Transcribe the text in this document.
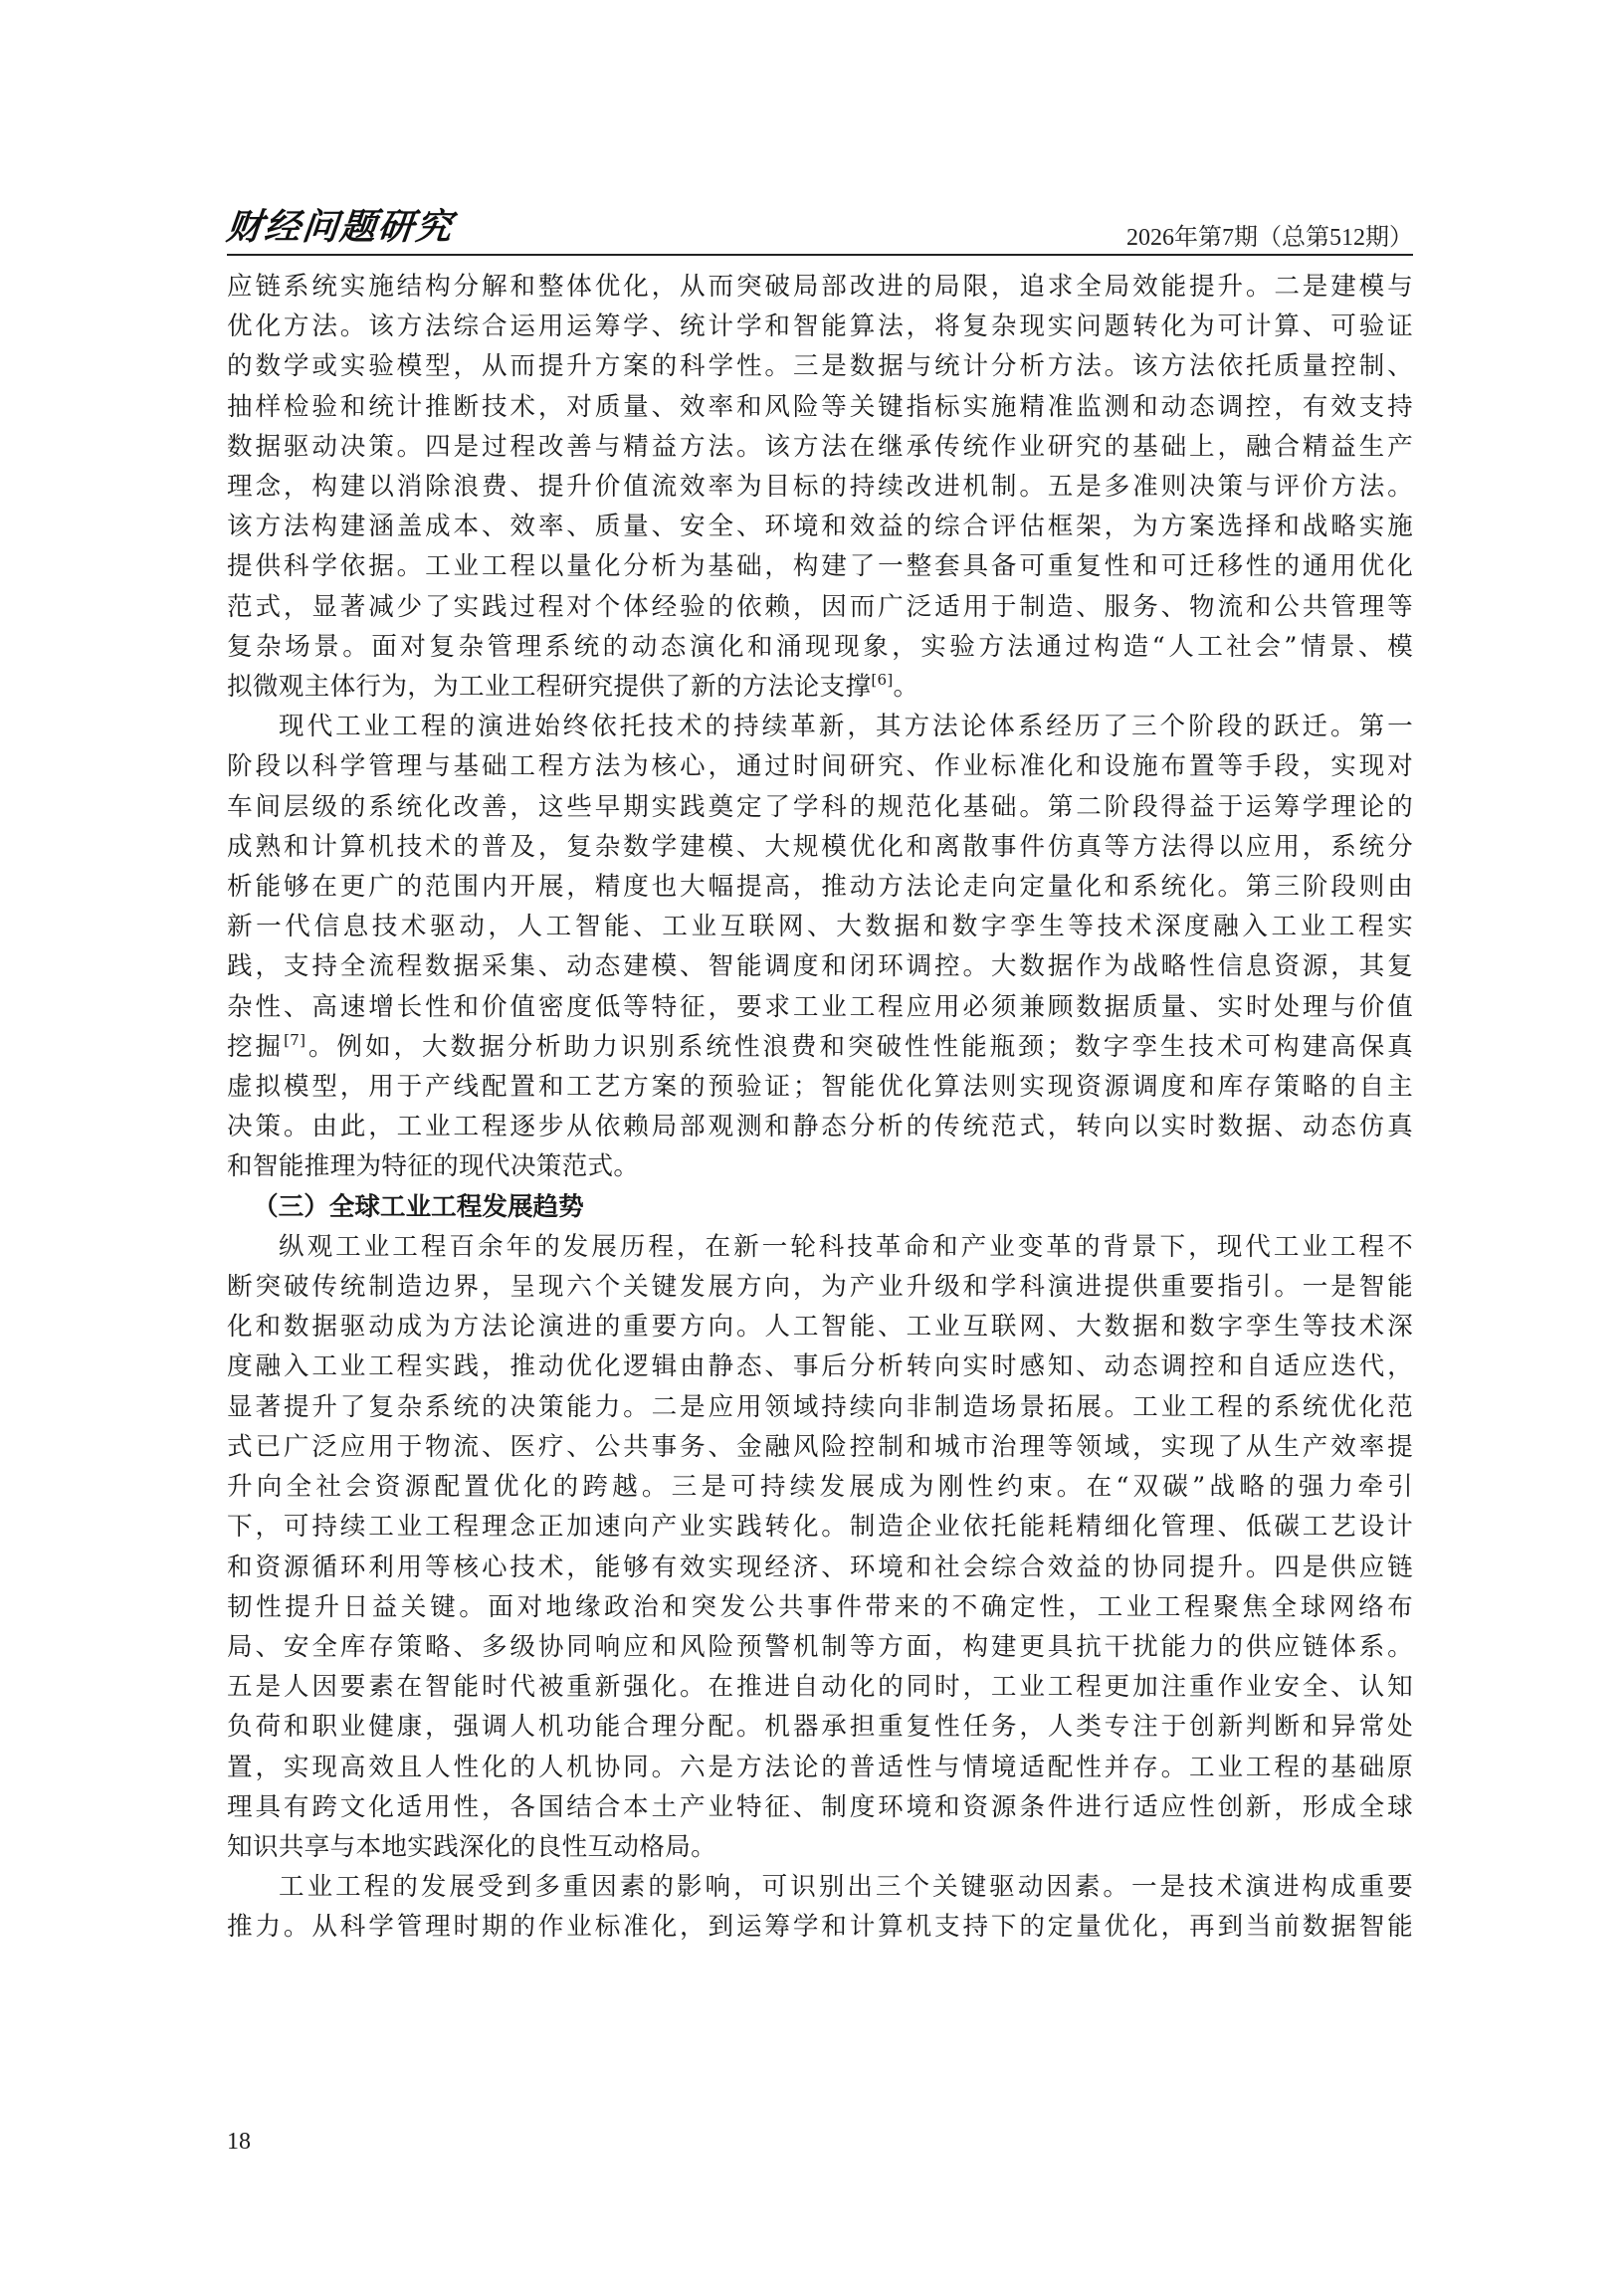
财经问题研究	2026年第7期（总第512期）

应链系统实施结构分解和整体优化，从而突破局部改进的局限，追求全局效能提升。二是建模与

优化方法。该方法综合运用运筹学、统计学和智能算法，将复杂现实问题转化为可计算、可验证

的数学或实验模型，从而提升方案的科学性。三是数据与统计分析方法。该方法依托质量控制、

抽样检验和统计推断技术，对质量、效率和风险等关键指标实施精准监测和动态调控，有效支持

数据驱动决策。四是过程改善与精益方法。该方法在继承传统作业研究的基础上，融合精益生产

理念，构建以消除浪费、提升价值流效率为目标的持续改进机制。五是多准则决策与评价方法。

该方法构建涵盖成本、效率、质量、安全、环境和效益的综合评估框架，为方案选择和战略实施

提供科学依据。工业工程以量化分析为基础，构建了一整套具备可重复性和可迁移性的通用优化

范式，显著减少了实践过程对个体经验的依赖，因而广泛适用于制造、服务、物流和公共管理等

复杂场景。面对复杂管理系统的动态演化和涌现现象，实验方法通过构造“人工社会”情景、模

拟微观主体行为，为工业工程研究提供了新的方法论支撑[6]。

现代工业工程的演进始终依托技术的持续革新，其方法论体系经历了三个阶段的跃迁。第一

阶段以科学管理与基础工程方法为核心，通过时间研究、作业标准化和设施布置等手段，实现对

车间层级的系统化改善，这些早期实践奠定了学科的规范化基础。第二阶段得益于运筹学理论的

成熟和计算机技术的普及，复杂数学建模、大规模优化和离散事件仿真等方法得以应用，系统分

析能够在更广的范围内开展，精度也大幅提高，推动方法论走向定量化和系统化。第三阶段则由

新一代信息技术驱动，人工智能、工业互联网、大数据和数字孪生等技术深度融入工业工程实

践，支持全流程数据采集、动态建模、智能调度和闭环调控。大数据作为战略性信息资源，其复

杂性、高速增长性和价值密度低等特征，要求工业工程应用必须兼顾数据质量、实时处理与价值

挖掘[7]。例如，大数据分析助力识别系统性浪费和突破性性能瓶颈；数字孪生技术可构建高保真

虚拟模型，用于产线配置和工艺方案的预验证；智能优化算法则实现资源调度和库存策略的自主

决策。由此，工业工程逐步从依赖局部观测和静态分析的传统范式，转向以实时数据、动态仿真

和智能推理为特征的现代决策范式。

（三）全球工业工程发展趋势

纵观工业工程百余年的发展历程，在新一轮科技革命和产业变革的背景下，现代工业工程不

断突破传统制造边界，呈现六个关键发展方向，为产业升级和学科演进提供重要指引。一是智能

化和数据驱动成为方法论演进的重要方向。人工智能、工业互联网、大数据和数字孪生等技术深

度融入工业工程实践，推动优化逻辑由静态、事后分析转向实时感知、动态调控和自适应迭代，

显著提升了复杂系统的决策能力。二是应用领域持续向非制造场景拓展。工业工程的系统优化范

式已广泛应用于物流、医疗、公共事务、金融风险控制和城市治理等领域，实现了从生产效率提

升向全社会资源配置优化的跨越。三是可持续发展成为刚性约束。在“双碳”战略的强力牵引

下，可持续工业工程理念正加速向产业实践转化。制造企业依托能耗精细化管理、低碳工艺设计

和资源循环利用等核心技术，能够有效实现经济、环境和社会综合效益的协同提升。四是供应链

韧性提升日益关键。面对地缘政治和突发公共事件带来的不确定性，工业工程聚焦全球网络布

局、安全库存策略、多级协同响应和风险预警机制等方面，构建更具抗干扰能力的供应链体系。

五是人因要素在智能时代被重新强化。在推进自动化的同时，工业工程更加注重作业安全、认知

负荷和职业健康，强调人机功能合理分配。机器承担重复性任务，人类专注于创新判断和异常处

置，实现高效且人性化的人机协同。六是方法论的普适性与情境适配性并存。工业工程的基础原

理具有跨文化适用性，各国结合本土产业特征、制度环境和资源条件进行适应性创新，形成全球

知识共享与本地实践深化的良性互动格局。

工业工程的发展受到多重因素的影响，可识别出三个关键驱动因素。一是技术演进构成重要

推力。从科学管理时期的作业标准化，到运筹学和计算机支持下的定量优化，再到当前数据智能

18
